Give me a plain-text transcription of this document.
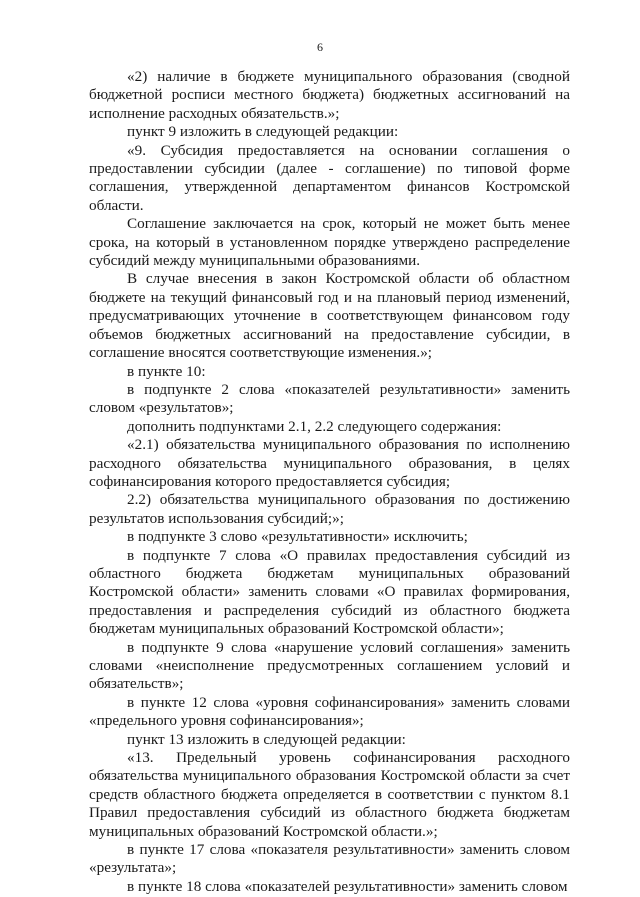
6

«2) наличие в бюджете муниципального образования (сводной бюджетной росписи местного бюджета) бюджетных ассигнований на исполнение расходных обязательств.»;

пункт 9 изложить в следующей редакции:

«9. Субсидия предоставляется на основании соглашения о предоставлении субсидии (далее - соглашение) по типовой форме соглашения, утвержденной департаментом финансов Костромской области.

Соглашение заключается на срок, который не может быть менее срока, на который в установленном порядке утверждено распределение субсидий между муниципальными образованиями.

В случае внесения в закон Костромской области об областном бюджете на текущий финансовый год и на плановый период изменений, предусматривающих уточнение в соответствующем финансовом году объемов бюджетных ассигнований на предоставление субсидии, в соглашение вносятся соответствующие изменения.»;

в пункте 10:

в подпункте 2 слова «показателей результативности» заменить словом «результатов»;

дополнить подпунктами 2.1, 2.2 следующего содержания:

«2.1) обязательства муниципального образования по исполнению расходного обязательства муниципального образования, в целях софинансирования которого предоставляется субсидия;

2.2) обязательства муниципального образования по достижению результатов использования субсидий;»;

в подпункте 3 слово «результативности» исключить;

в подпункте 7 слова «О правилах предоставления субсидий из областного бюджета бюджетам муниципальных образований Костромской области» заменить словами «О правилах формирования, предоставления и распределения субсидий из областного бюджета бюджетам муниципальных образований Костромской области»;

в подпункте 9 слова «нарушение условий соглашения» заменить словами «неисполнение предусмотренных соглашением условий и обязательств»;

в пункте 12 слова «уровня софинансирования» заменить словами «предельного уровня софинансирования»;

пункт 13 изложить в следующей редакции:

«13. Предельный уровень софинансирования расходного обязательства муниципального образования Костромской области за счет средств областного бюджета определяется в соответствии с пунктом 8.1 Правил предоставления субсидий из областного бюджета бюджетам муниципальных образований Костромской области.»;

в пункте 17 слова «показателя результативности» заменить словом «результата»;

в пункте 18 слова «показателей результативности» заменить словом
